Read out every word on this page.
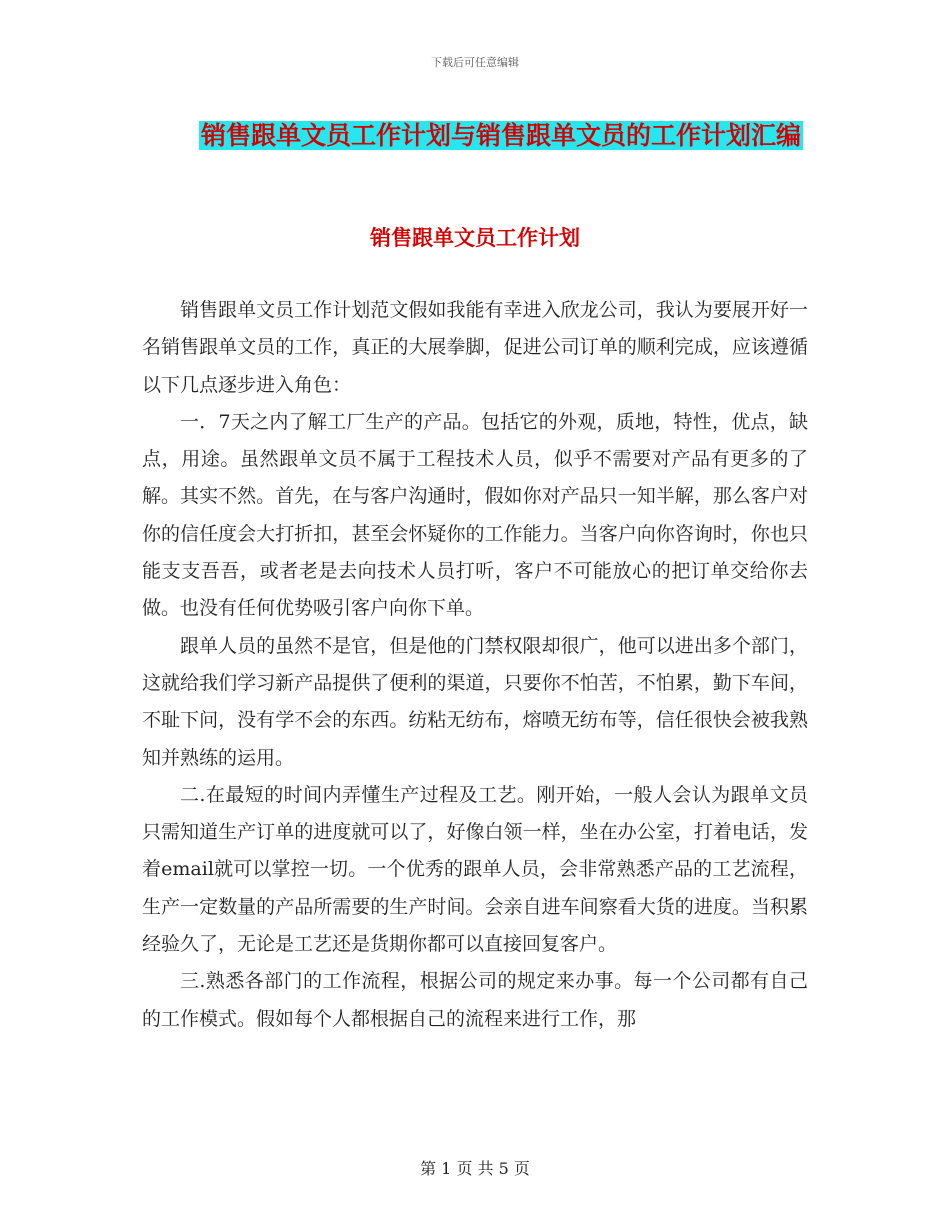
下载后可任意编辑
销售跟单文员工作计划与销售跟单文员的工作计划汇编
销售跟单文员工作计划

销售跟单文员工作计划范文假如我能有幸进入欣龙公司，我认为要展开好一名销售跟单文员的工作，真正的大展拳脚，促进公司订单的顺利完成，应该遵循以下几点逐步进入角色：

一．7天之内了解工厂生产的产品。包括它的外观，质地，特性，优点，缺点，用途。虽然跟单文员不属于工程技术人员，似乎不需要对产品有更多的了解。其实不然。首先，在与客户沟通时，假如你对产品只一知半解，那么客户对你的信任度会大打折扣，甚至会怀疑你的工作能力。当客户向你咨询时，你也只能支支吾吾，或者老是去向技术人员打听，客户不可能放心的把订单交给你去做。也没有任何优势吸引客户向你下单。

跟单人员的虽然不是官，但是他的门禁权限却很广，他可以进出多个部门，这就给我们学习新产品提供了便利的渠道，只要你不怕苦，不怕累，勤下车间，不耻下问，没有学不会的东西。纺粘无纺布，熔喷无纺布等，信任很快会被我熟知并熟练的运用。

二.在最短的时间内弄懂生产过程及工艺。刚开始，一般人会认为跟单文员只需知道生产订单的进度就可以了，好像白领一样，坐在办公室，打着电话，发着email就可以掌控一切。一个优秀的跟单人员，会非常熟悉产品的工艺流程，生产一定数量的产品所需要的生产时间。会亲自进车间察看大货的进度。当积累经验久了，无论是工艺还是货期你都可以直接回复客户。

三.熟悉各部门的工作流程，根据公司的规定来办事。每一个公司都有自己的工作模式。假如每个人都根据自己的流程来进行工作，那

第 1 页 共 5 页
